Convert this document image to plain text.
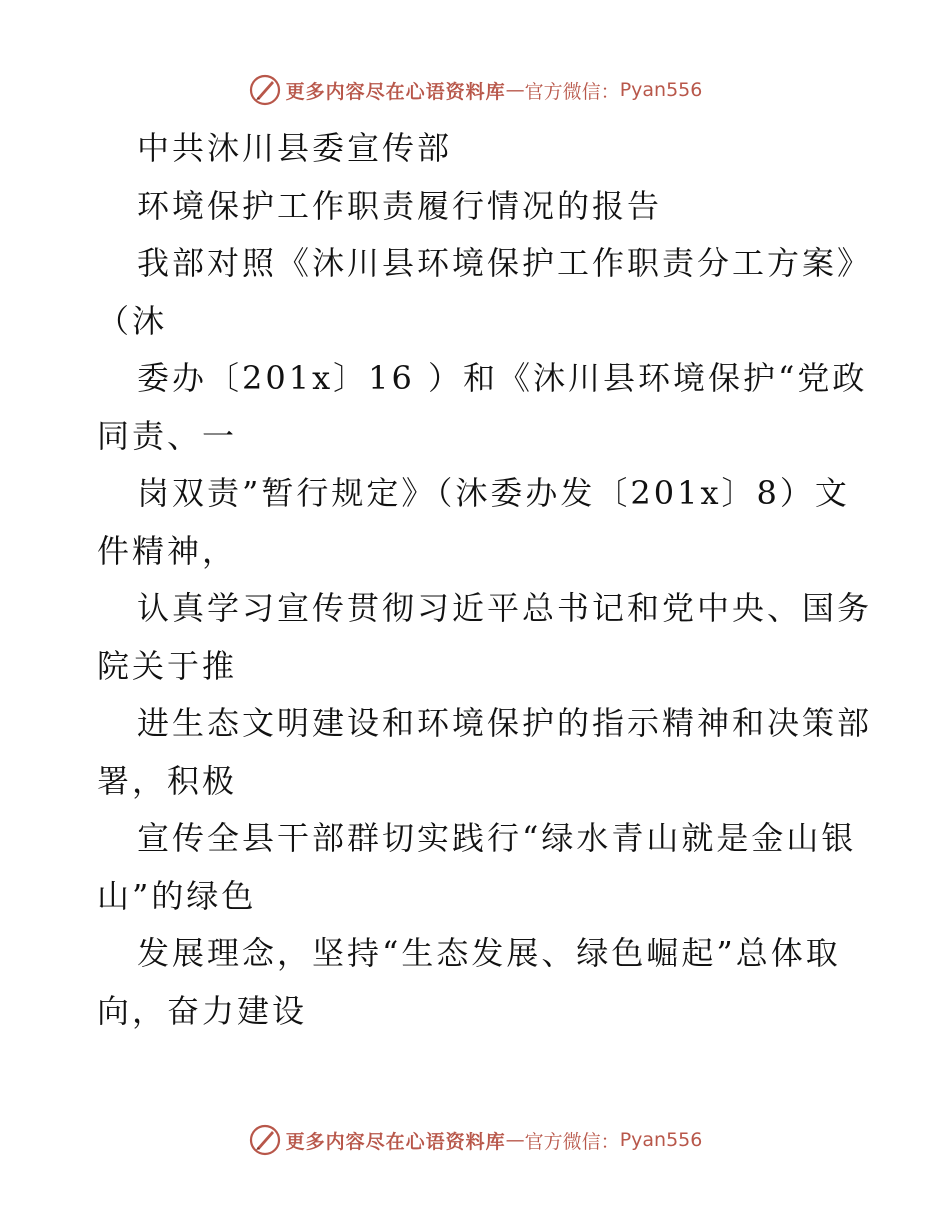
更多内容尽在心语资料库 — 官方微信： Pyan556
中共沐川县委宣传部
环境保护工作职责履行情况的报告
我部对照《沐川县环境保护工作职责分工方案》
（沐
委办〔201x〕16 ）和《沐川县环境保护“党政
同责、一
岗双责”暂行规定》（沐委办发〔201x〕8）文
件精神，
认真学习宣传贯彻习近平总书记和党中央、国务
院关于推
进生态文明建设和环境保护的指示精神和决策部
署，积极
宣传全县干部群切实践行“绿水青山就是金山银
山”的绿色
发展理念，坚持“生态发展、绿色崛起”总体取
向，奋力建设
更多内容尽在心语资料库 — 官方微信： Pyan556
